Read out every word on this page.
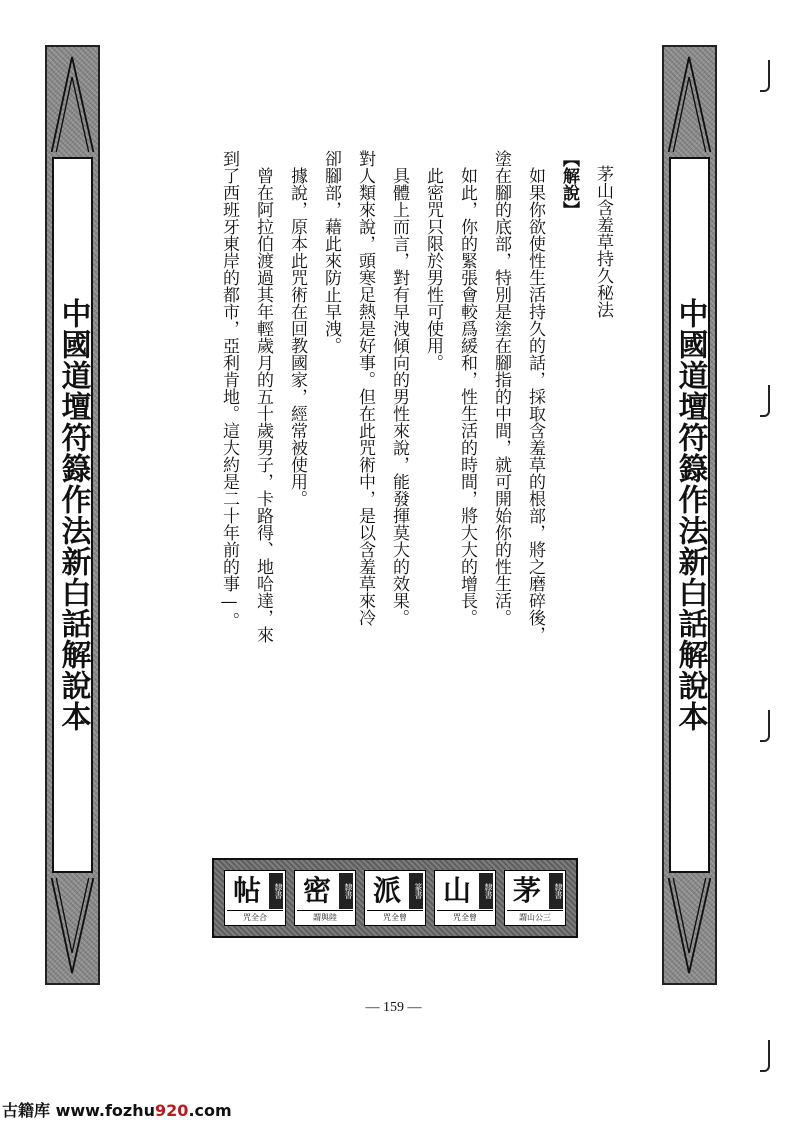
中國道壇符籙作法新白話解說本	中國道壇符籙作法新白話解說本

茅山含羞草持久秘法

【解說】

如果你欲使性生活持久的話，採取含羞草的根部，將之磨碎後，

塗在腳的底部，特別是塗在腳指的中間，就可開始你的性生活。

如此，你的緊張會較爲緩和，性生活的時間，將大大的增長。

此密咒只限於男性可使用。

具體上而言，對有早洩傾向的男性來說，能發揮莫大的效果。

對人類來說，頭寒足熱是好事。但在此咒術中，是以含羞草來冷

卻腳部，藉此來防止早洩。

據說，原本此咒術在回教國家，經常被使用。

曾在阿拉伯渡過其年輕歲月的五十歲男子，卡路得、地哈達，來

到了西班牙東岸的都市，亞利肯地。這大約是二十年前的事—。

帖	隸書
咒全合
密	隸書
謂與陸
派	篆書
咒全曾
山	隸書
咒全曾
茅	隸書
謂山公三
— 159 —
古籍库 www.fozhu920.com
